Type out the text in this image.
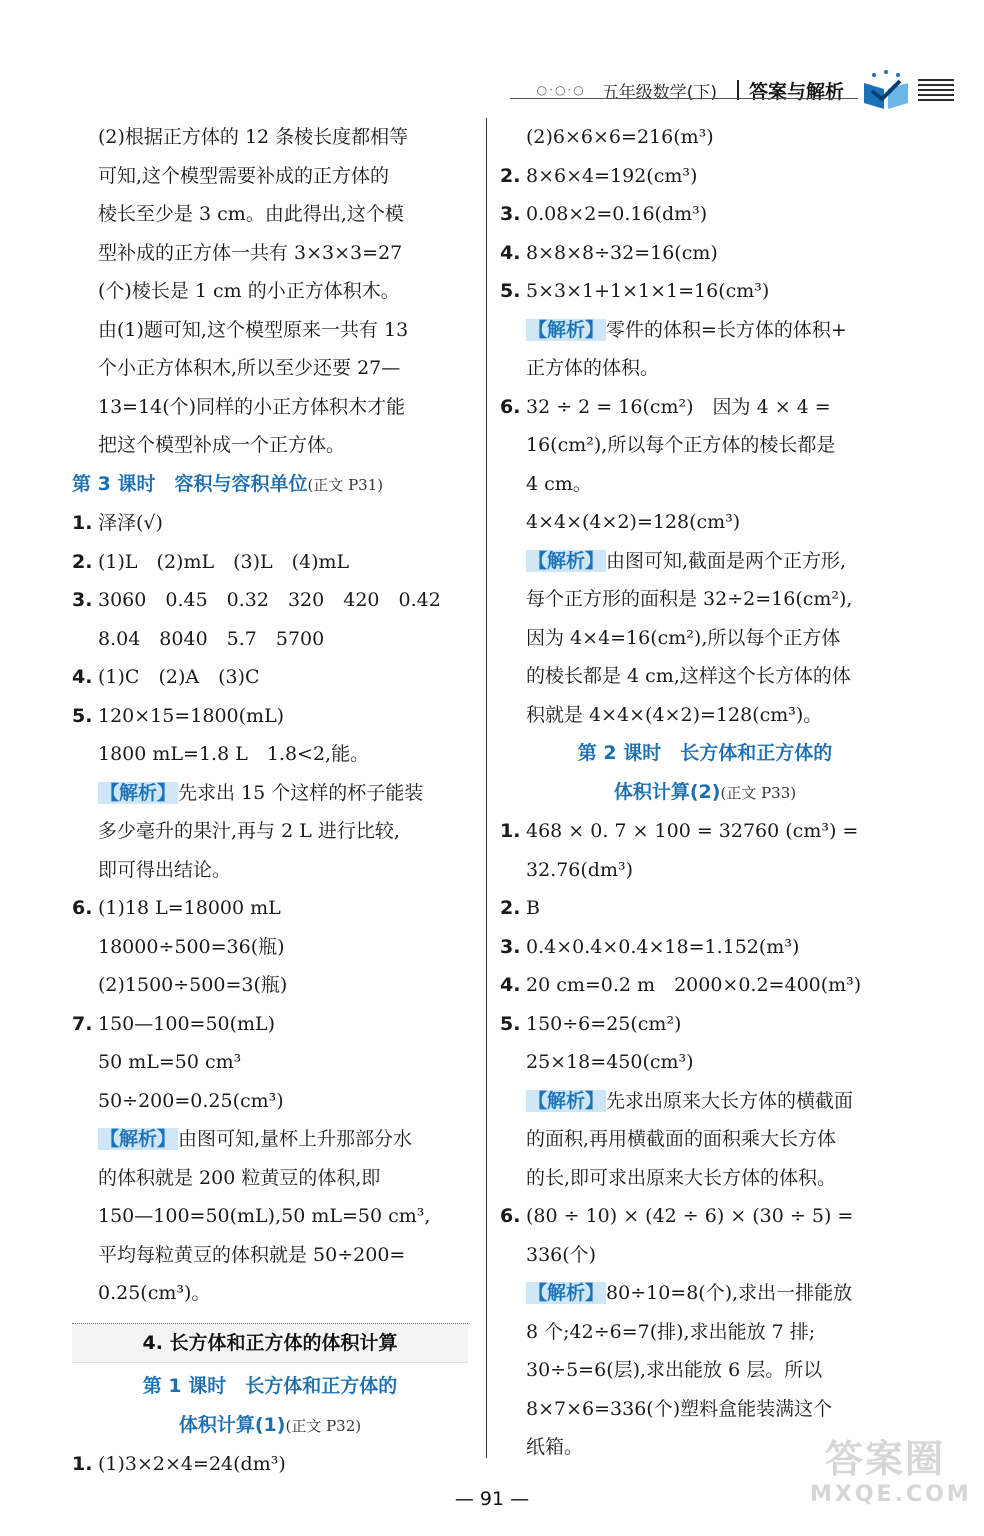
○·○·○ 五年级数学(下)	答案与解析
(2)根据正方体的 12 条棱长度都相等
可知,这个模型需要补成的正方体的
棱长至少是 3 cm。由此得出,这个模
型补成的正方体一共有 3×3×3=27
(个)棱长是 1 cm 的小正方体积木。
由(1)题可知,这个模型原来一共有 13
个小正方体积木,所以至少还要 27—
13=14(个)同样的小正方体积木才能
把这个模型补成一个正方体。
第 3 课时　容积与容积单位(正文 P31)
1. 泽泽(√)
2. (1)L　(2)mL　(3)L　(4)mL
3. 3060　0.45　0.32　320　420　0.42
8.04　8040　5.7　5700
4. (1)C　(2)A　(3)C
5. 120×15=1800(mL)
1800 mL=1.8 L　1.8<2,能。
【解析】 先求出 15 个这样的杯子能装
多少毫升的果汁,再与 2 L 进行比较,
即可得出结论。
6. (1)18 L=18000 mL
18000÷500=36(瓶)
(2)1500÷500=3(瓶)
7. 150—100=50(mL)
50 mL=50 cm³
50÷200=0.25(cm³)
【解析】 由图可知,量杯上升那部分水
的体积就是 200 粒黄豆的体积,即
150—100=50(mL),50 mL=50 cm³,
平均每粒黄豆的体积就是 50÷200=
0.25(cm³)。
4. 长方体和正方体的体积计算
第 1 课时　长方体和正方体的
体积计算(1)(正文 P32)
1. (1)3×2×4=24(dm³)
(2)6×6×6=216(m³)
2. 8×6×4=192(cm³)
3. 0.08×2=0.16(dm³)
4. 8×8×8÷32=16(cm)
5. 5×3×1+1×1×1=16(cm³)
【解析】 零件的体积=长方体的体积+
正方体的体积。
6. 32 ÷ 2 = 16(cm²)　因为 4 × 4 =
16(cm²),所以每个正方体的棱长都是
4 cm。
4×4×(4×2)=128(cm³)
【解析】 由图可知,截面是两个正方形,
每个正方形的面积是 32÷2=16(cm²),
因为 4×4=16(cm²),所以每个正方体
的棱长都是 4 cm,这样这个长方体的体
积就是 4×4×(4×2)=128(cm³)。
第 2 课时　长方体和正方体的
体积计算(2)(正文 P33)
1. 468 × 0. 7 × 100 = 32760 (cm³) =
32.76(dm³)
2. B
3. 0.4×0.4×0.4×18=1.152(m³)
4. 20 cm=0.2 m　2000×0.2=400(m³)
5. 150÷6=25(cm²)
25×18=450(cm³)
【解析】 先求出原来大长方体的横截面
的面积,再用横截面的面积乘大长方体
的长,即可求出原来大长方体的体积。
6. (80 ÷ 10) × (42 ÷ 6) × (30 ÷ 5) =
336(个)
【解析】 80÷10=8(个),求出一排能放
8 个;42÷6=7(排),求出能放 7 排;
30÷5=6(层),求出能放 6 层。所以
8×7×6=336(个)塑料盒能装满这个
纸箱。
— 91 —
答案圈
MXQE.COM
